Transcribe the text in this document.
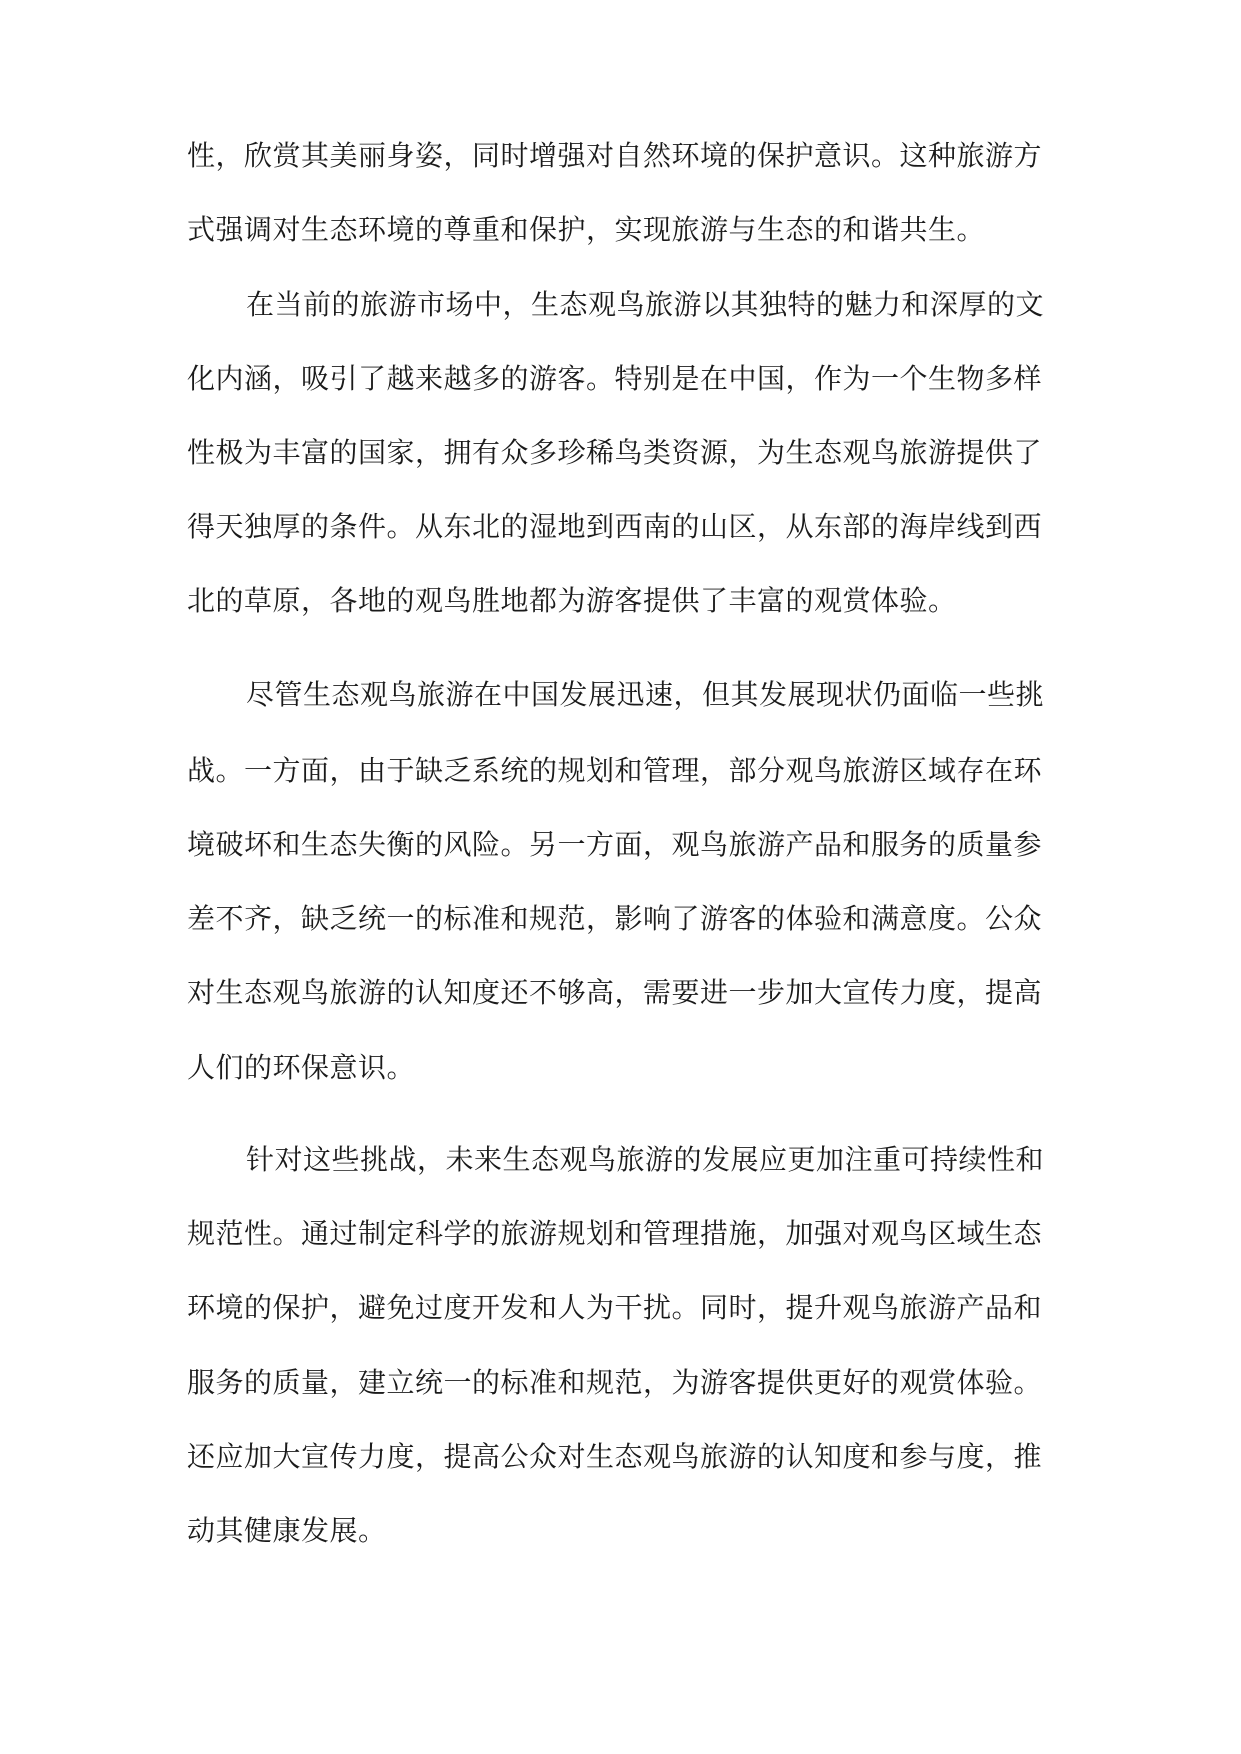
性，欣赏其美丽身姿，同时增强对自然环境的保护意识。这种旅游方
式强调对生态环境的尊重和保护，实现旅游与生态的和谐共生。
在当前的旅游市场中，生态观鸟旅游以其独特的魅力和深厚的文
化内涵，吸引了越来越多的游客。特别是在中国，作为一个生物多样
性极为丰富的国家，拥有众多珍稀鸟类资源，为生态观鸟旅游提供了
得天独厚的条件。从东北的湿地到西南的山区，从东部的海岸线到西
北的草原，各地的观鸟胜地都为游客提供了丰富的观赏体验。
尽管生态观鸟旅游在中国发展迅速，但其发展现状仍面临一些挑
战。一方面，由于缺乏系统的规划和管理，部分观鸟旅游区域存在环
境破坏和生态失衡的风险。另一方面，观鸟旅游产品和服务的质量参
差不齐，缺乏统一的标准和规范，影响了游客的体验和满意度。公众
对生态观鸟旅游的认知度还不够高，需要进一步加大宣传力度，提高
人们的环保意识。
针对这些挑战，未来生态观鸟旅游的发展应更加注重可持续性和
规范性。通过制定科学的旅游规划和管理措施，加强对观鸟区域生态
环境的保护，避免过度开发和人为干扰。同时，提升观鸟旅游产品和
服务的质量，建立统一的标准和规范，为游客提供更好的观赏体验。
还应加大宣传力度，提高公众对生态观鸟旅游的认知度和参与度，推
动其健康发展。
